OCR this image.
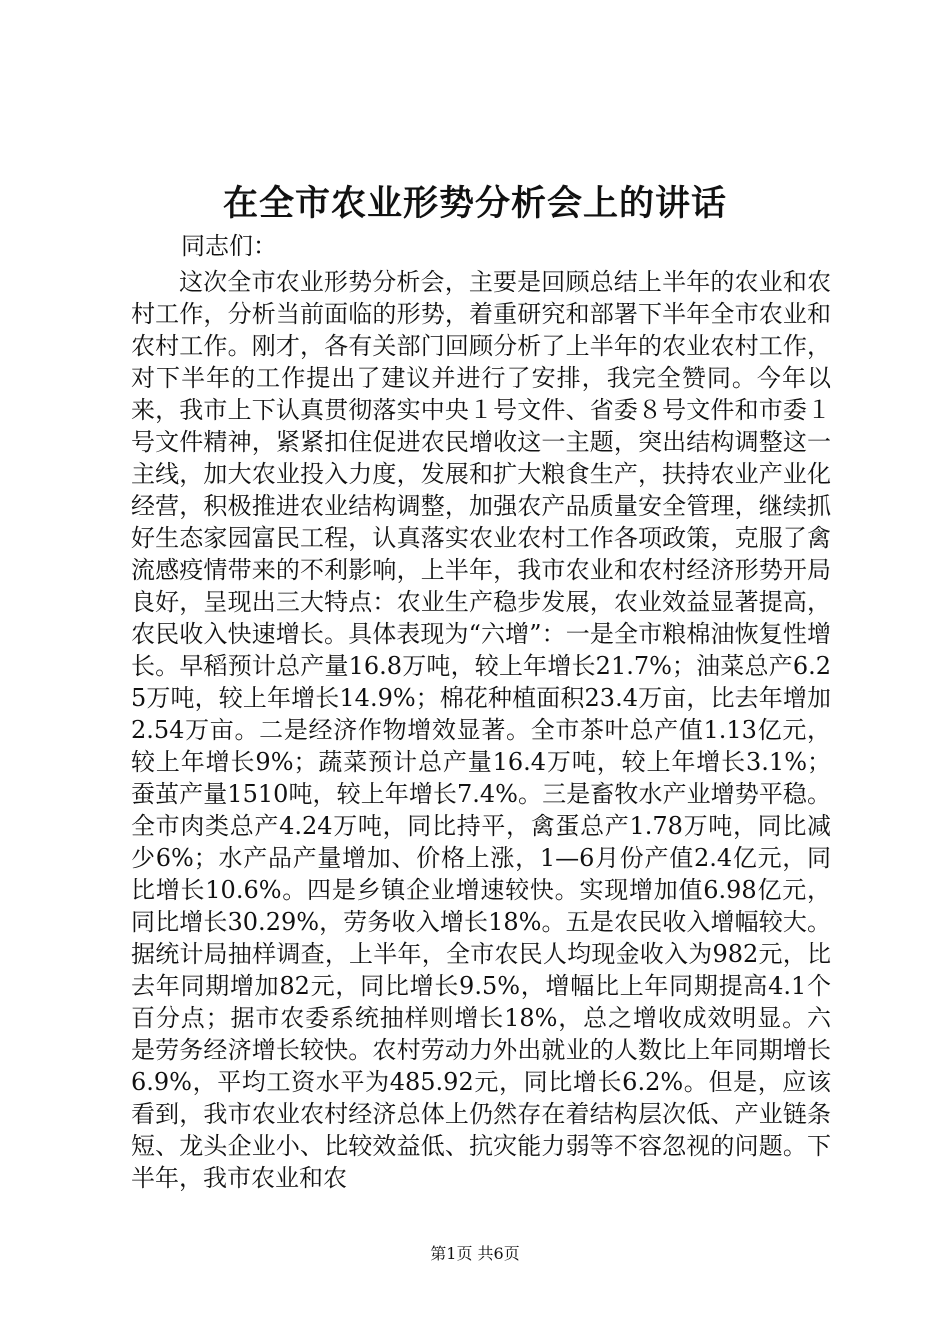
在全市农业形势分析会上的讲话

同志们：

这次全市农业形势分析会，主要是回顾总结上半年的农业和农村工作，分析当前面临的形势，着重研究和部署下半年全市农业和农村工作。刚才，各有关部门回顾分析了上半年的农业农村工作，对下半年的工作提出了建议并进行了安排，我完全赞同。今年以来，我市上下认真贯彻落实中央１号文件、省委８号文件和市委１号文件精神，紧紧扣住促进农民增收这一主题，突出结构调整这一主线，加大农业投入力度，发展和扩大粮食生产，扶持农业产业化经营，积极推进农业结构调整，加强农产品质量安全管理，继续抓好生态家园富民工程，认真落实农业农村工作各项政策，克服了禽流感疫情带来的不利影响，上半年，我市农业和农村经济形势开局良好，呈现出三大特点：农业生产稳步发展，农业效益显著提高，农民收入快速增长。具体表现为“六增”：一是全市粮棉油恢复性增长。早稻预计总产量16.8万吨，较上年增长21.7%；油菜总产6.25万吨，较上年增长14.9%；棉花种植面积23.4万亩，比去年增加2.54万亩。二是经济作物增效显著。全市茶叶总产值1.13亿元，较上年增长9%；蔬菜预计总产量16.4万吨，较上年增长3.1%；蚕茧产量1510吨，较上年增长7.4%。三是畜牧水产业增势平稳。全市肉类总产4.24万吨，同比持平，禽蛋总产1.78万吨，同比减少6%；水产品产量增加、价格上涨，1—6月份产值2.4亿元，同比增长10.6%。四是乡镇企业增速较快。实现增加值6.98亿元，同比增长30.29%，劳务收入增长18%。五是农民收入增幅较大。据统计局抽样调查，上半年，全市农民人均现金收入为982元，比去年同期增加82元，同比增长9.5%，增幅比上年同期提高4.1个百分点；据市农委系统抽样则增长18%，总之增收成效明显。六是劳务经济增长较快。农村劳动力外出就业的人数比上年同期增长6.9%，平均工资水平为485.92元，同比增长6.2%。但是，应该看到，我市农业农村经济总体上仍然存在着结构层次低、产业链条短、龙头企业小、比较效益低、抗灾能力弱等不容忽视的问题。下半年，我市农业和农

第1页 共6页
